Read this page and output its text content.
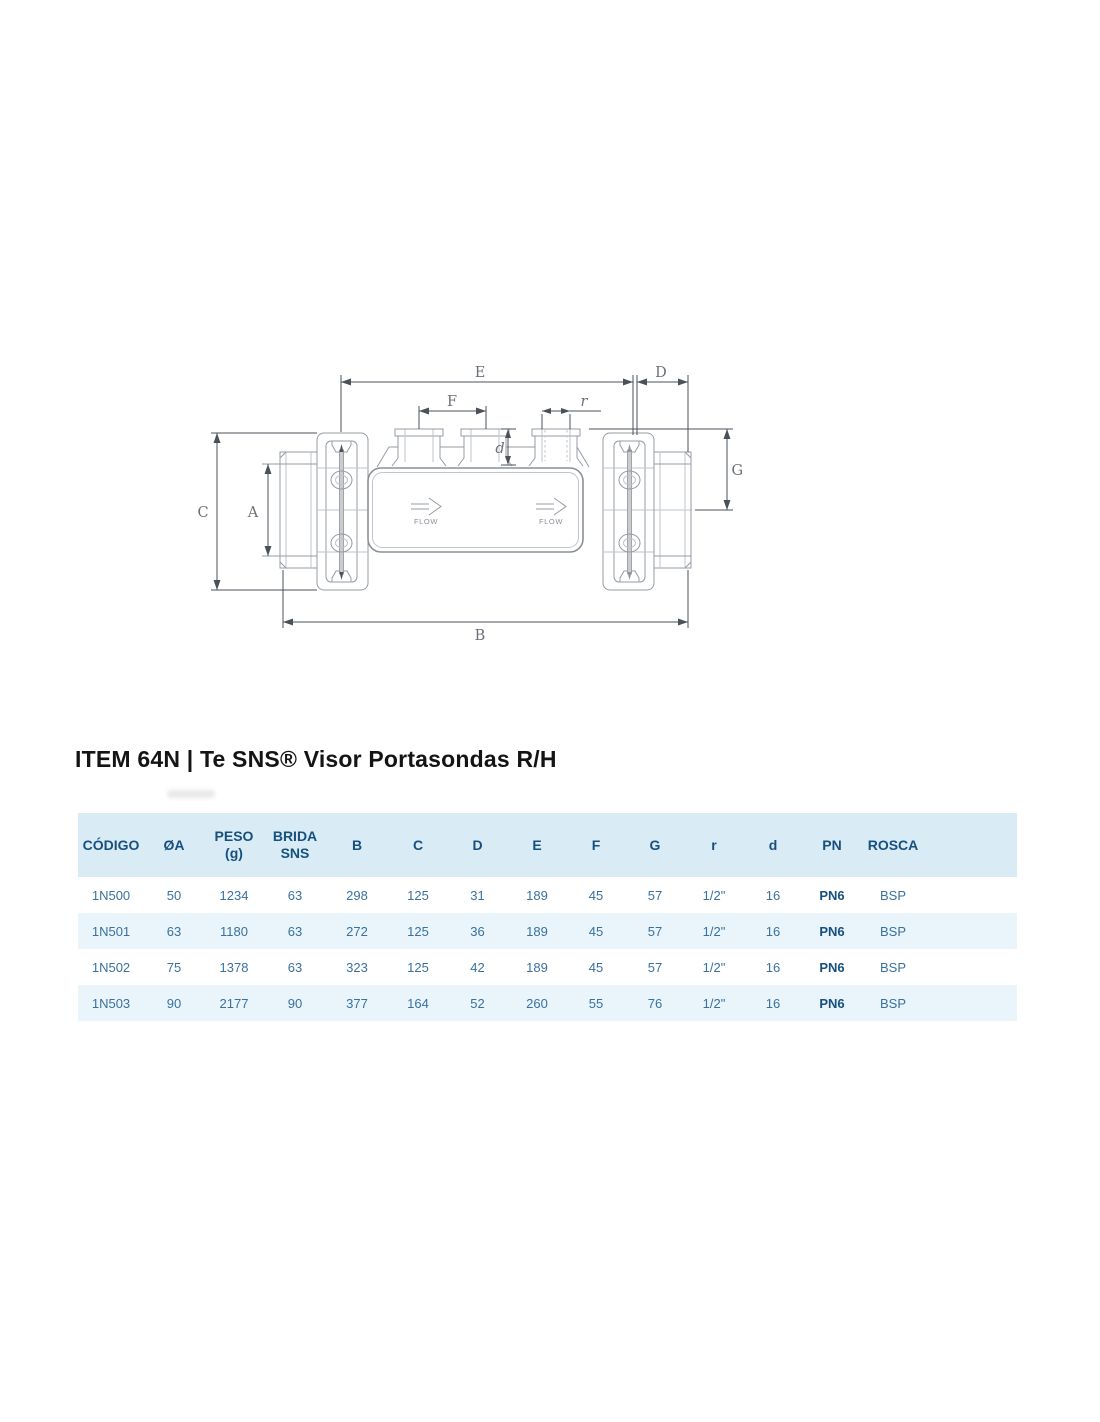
FLOW	FLOW
E	D
F	r
d
G
C	A
B
ITEM 64N | Te SNS® Visor Portasondas R/H
CÓDIGO	ØA	PESO (g)	BRIDA SNS	B	C	D	E	F	G	r	d	PN	ROSCA	
1N500	50	1234	63	298	125	31	189	45	57	1/2"	16	PN6	BSP	
1N501	63	1180	63	272	125	36	189	45	57	1/2"	16	PN6	BSP	
1N502	75	1378	63	323	125	42	189	45	57	1/2"	16	PN6	BSP	
1N503	90	2177	90	377	164	52	260	55	76	1/2"	16	PN6	BSP	
